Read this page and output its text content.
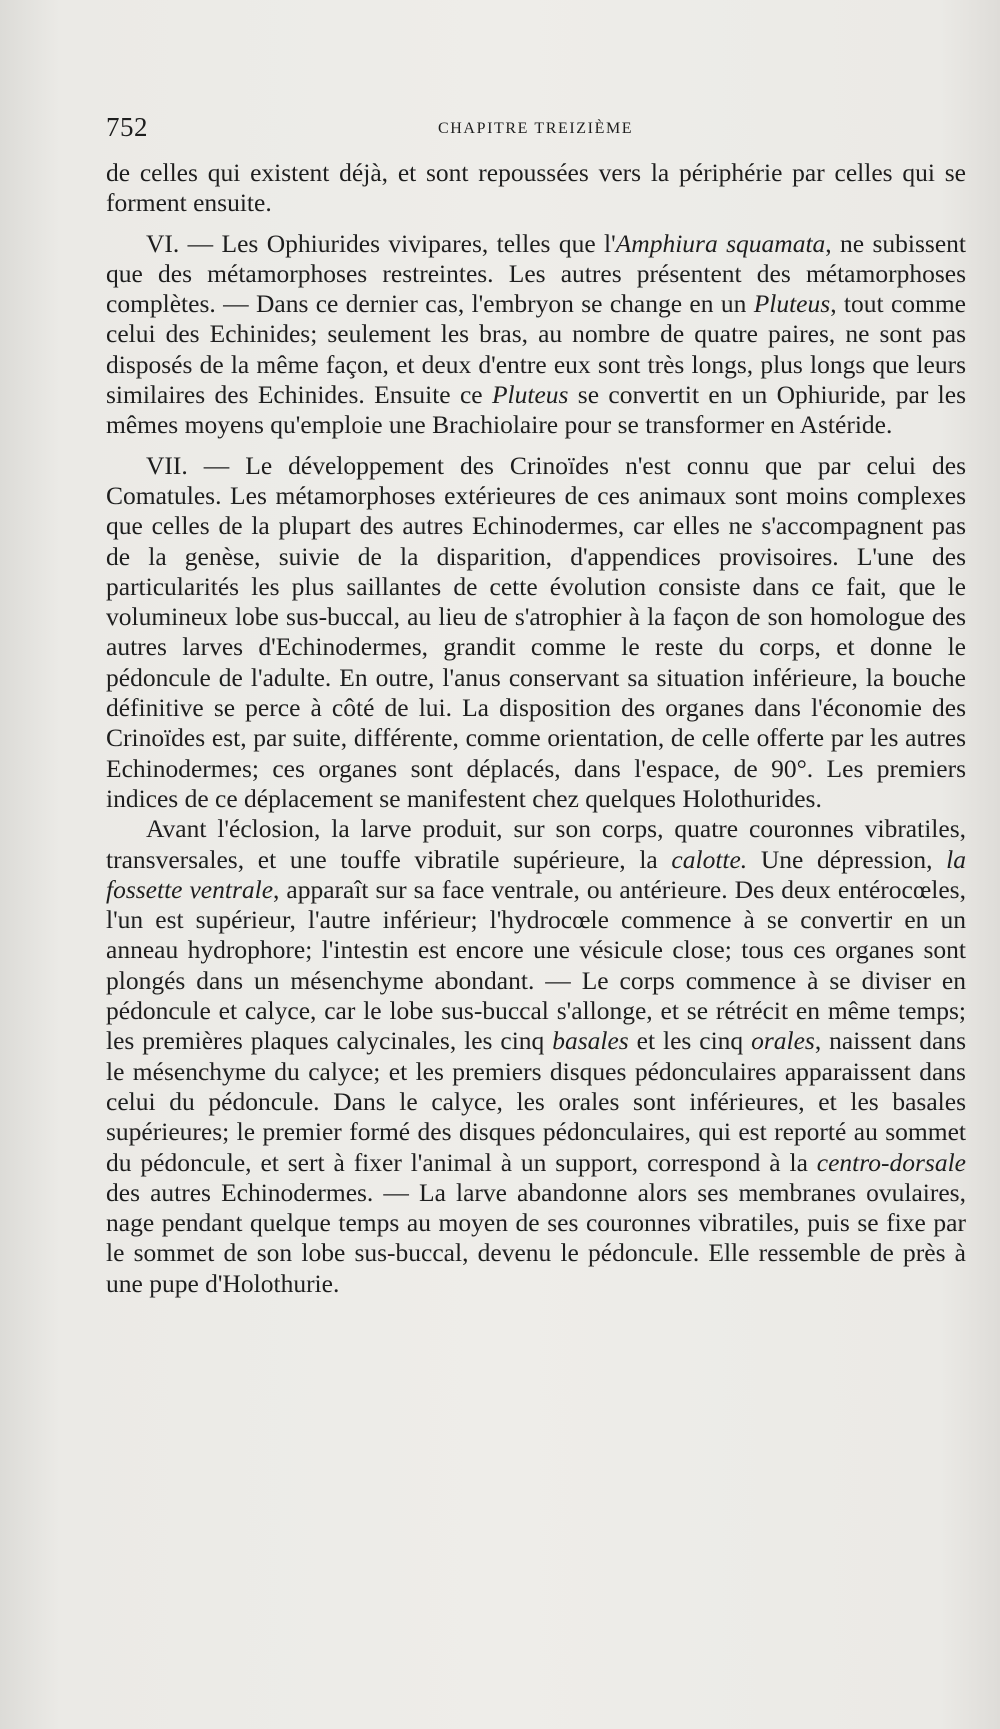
752	CHAPITRE TREIZIÈME

de celles qui existent déjà, et sont repoussées vers la périphérie par celles qui se forment ensuite.

VI. — Les Ophiurides vivipares, telles que l'Amphiura squamata, ne subissent que des métamorphoses restreintes. Les autres présentent des métamorphoses complètes. — Dans ce dernier cas, l'embryon se change en un Pluteus, tout comme celui des Echinides; seulement les bras, au nombre de quatre paires, ne sont pas disposés de la même façon, et deux d'entre eux sont très longs, plus longs que leurs similaires des Echinides. Ensuite ce Pluteus se convertit en un Ophiuride, par les mêmes moyens qu'emploie une Brachiolaire pour se transformer en Astéride.

VII. — Le développement des Crinoïdes n'est connu que par celui des Comatules. Les métamorphoses extérieures de ces animaux sont moins complexes que celles de la plupart des autres Echinodermes, car elles ne s'accompagnent pas de la genèse, suivie de la disparition, d'appendices provisoires. L'une des particularités les plus saillantes de cette évolution consiste dans ce fait, que le volumineux lobe sus-buccal, au lieu de s'atrophier à la façon de son homologue des autres larves d'Echinodermes, grandit comme le reste du corps, et donne le pédoncule de l'adulte. En outre, l'anus conservant sa situation inférieure, la bouche définitive se perce à côté de lui. La disposition des organes dans l'économie des Crinoïdes est, par suite, différente, comme orientation, de celle offerte par les autres Echinodermes; ces organes sont déplacés, dans l'espace, de 90°. Les premiers indices de ce déplacement se manifestent chez quelques Holothurides.

Avant l'éclosion, la larve produit, sur son corps, quatre couronnes vibratiles, transversales, et une touffe vibratile supérieure, la calotte. Une dépression, la fossette ventrale, apparaît sur sa face ventrale, ou antérieure. Des deux entérocœles, l'un est supérieur, l'autre inférieur; l'hydrocœle commence à se convertir en un anneau hydrophore; l'intestin est encore une vésicule close; tous ces organes sont plongés dans un mésenchyme abondant. — Le corps commence à se diviser en pédoncule et calyce, car le lobe sus-buccal s'allonge, et se rétrécit en même temps; les premières plaques calycinales, les cinq basales et les cinq orales, naissent dans le mésenchyme du calyce; et les premiers disques pédonculaires apparaissent dans celui du pédoncule. Dans le calyce, les orales sont inférieures, et les basales supérieures; le premier formé des disques pédonculaires, qui est reporté au sommet du pédoncule, et sert à fixer l'animal à un support, correspond à la centro-dorsale des autres Echinodermes. — La larve abandonne alors ses membranes ovulaires, nage pendant quelque temps au moyen de ses couronnes vibratiles, puis se fixe par le sommet de son lobe sus-buccal, devenu le pédoncule. Elle ressemble de près à une pupe d'Holothurie.
